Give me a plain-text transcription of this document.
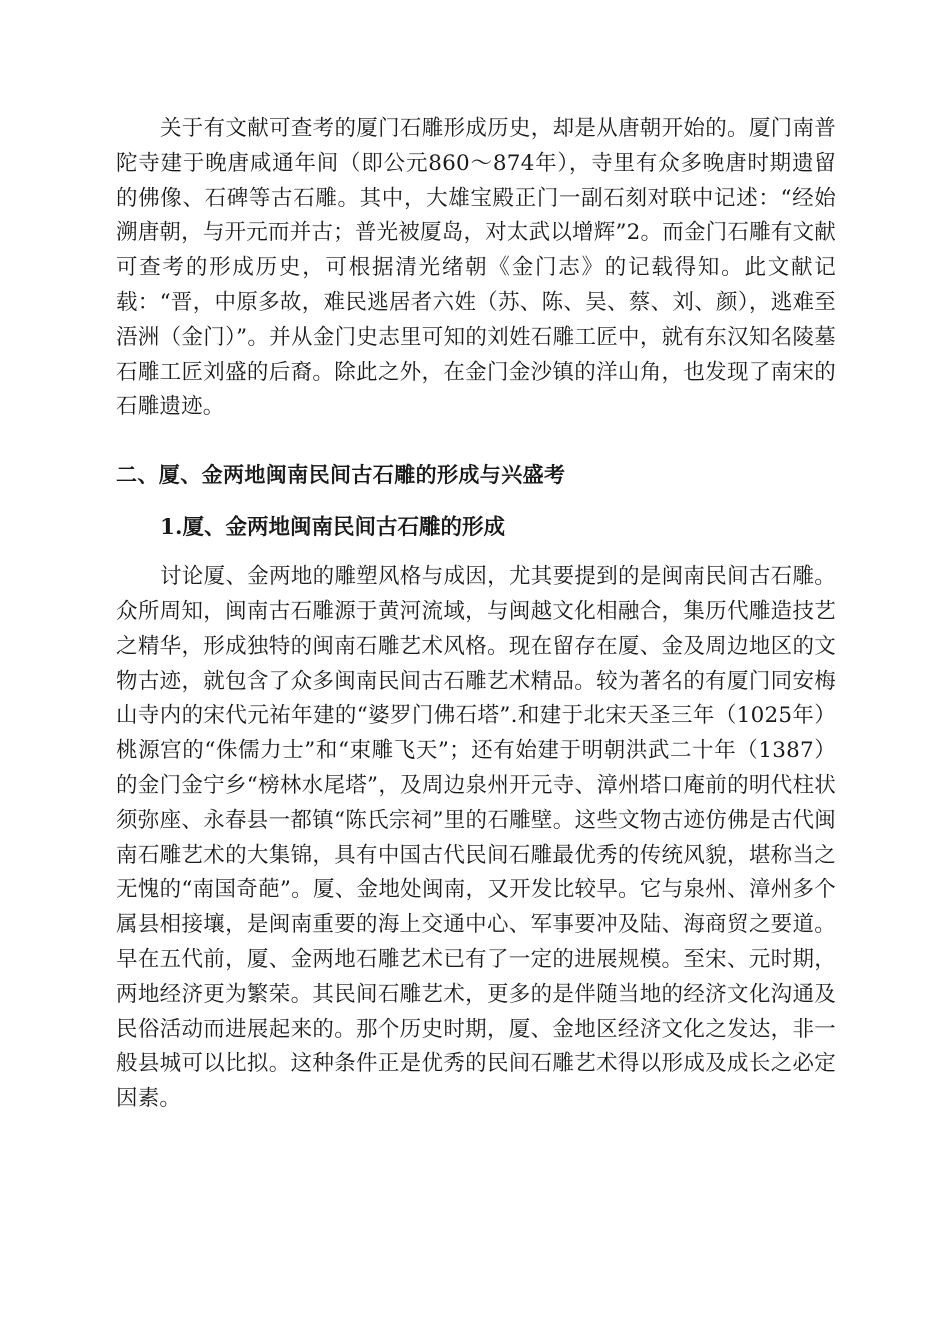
关于有文献可查考的厦门石雕形成历史，却是从唐朝开始的。厦门南普陀寺建于晚唐咸通年间（即公元860～874年），寺里有众多晚唐时期遗留的佛像、石碑等古石雕。其中，大雄宝殿正门一副石刻对联中记述：“经始溯唐朝，与开元而并古；普光被厦岛，对太武以增辉”2。而金门石雕有文献可查考的形成历史，可根据清光绪朝《金门志》的记载得知。此文献记载：“晋，中原多故，难民逃居者六姓（苏、陈、吴、蔡、刘、颜），逃难至浯洲（金门）”。并从金门史志里可知的刘姓石雕工匠中，就有东汉知名陵墓石雕工匠刘盛的后裔。除此之外，在金门金沙镇的洋山角，也发现了南宋的石雕遗迹。

二、厦、金两地闽南民间古石雕的形成与兴盛考
1.厦、金两地闽南民间古石雕的形成

讨论厦、金两地的雕塑风格与成因，尤其要提到的是闽南民间古石雕。众所周知，闽南古石雕源于黄河流域，与闽越文化相融合，集历代雕造技艺之精华，形成独特的闽南石雕艺术风格。现在留存在厦、金及周边地区的文物古迹，就包含了众多闽南民间古石雕艺术精品。较为著名的有厦门同安梅山寺内的宋代元祐年建的“婆罗门佛石塔”.和建于北宋天圣三年（1025年）桃源宫的“侏儒力士”和“束雕飞天”；还有始建于明朝洪武二十年（1387）的金门金宁乡“榜林水尾塔”，及周边泉州开元寺、漳州塔口庵前的明代柱状须弥座、永春县一都镇“陈氏宗祠”里的石雕壁。这些文物古迹仿佛是古代闽南石雕艺术的大集锦，具有中国古代民间石雕最优秀的传统风貌，堪称当之无愧的“南国奇葩”。厦、金地处闽南，又开发比较早。它与泉州、漳州多个属县相接壤，是闽南重要的海上交通中心、军事要冲及陆、海商贸之要道。早在五代前，厦、金两地石雕艺术已有了一定的进展规模。至宋、元时期，两地经济更为繁荣。其民间石雕艺术，更多的是伴随当地的经济文化沟通及民俗活动而进展起来的。那个历史时期，厦、金地区经济文化之发达，非一般县城可以比拟。这种条件正是优秀的民间石雕艺术得以形成及成长之必定因素。
